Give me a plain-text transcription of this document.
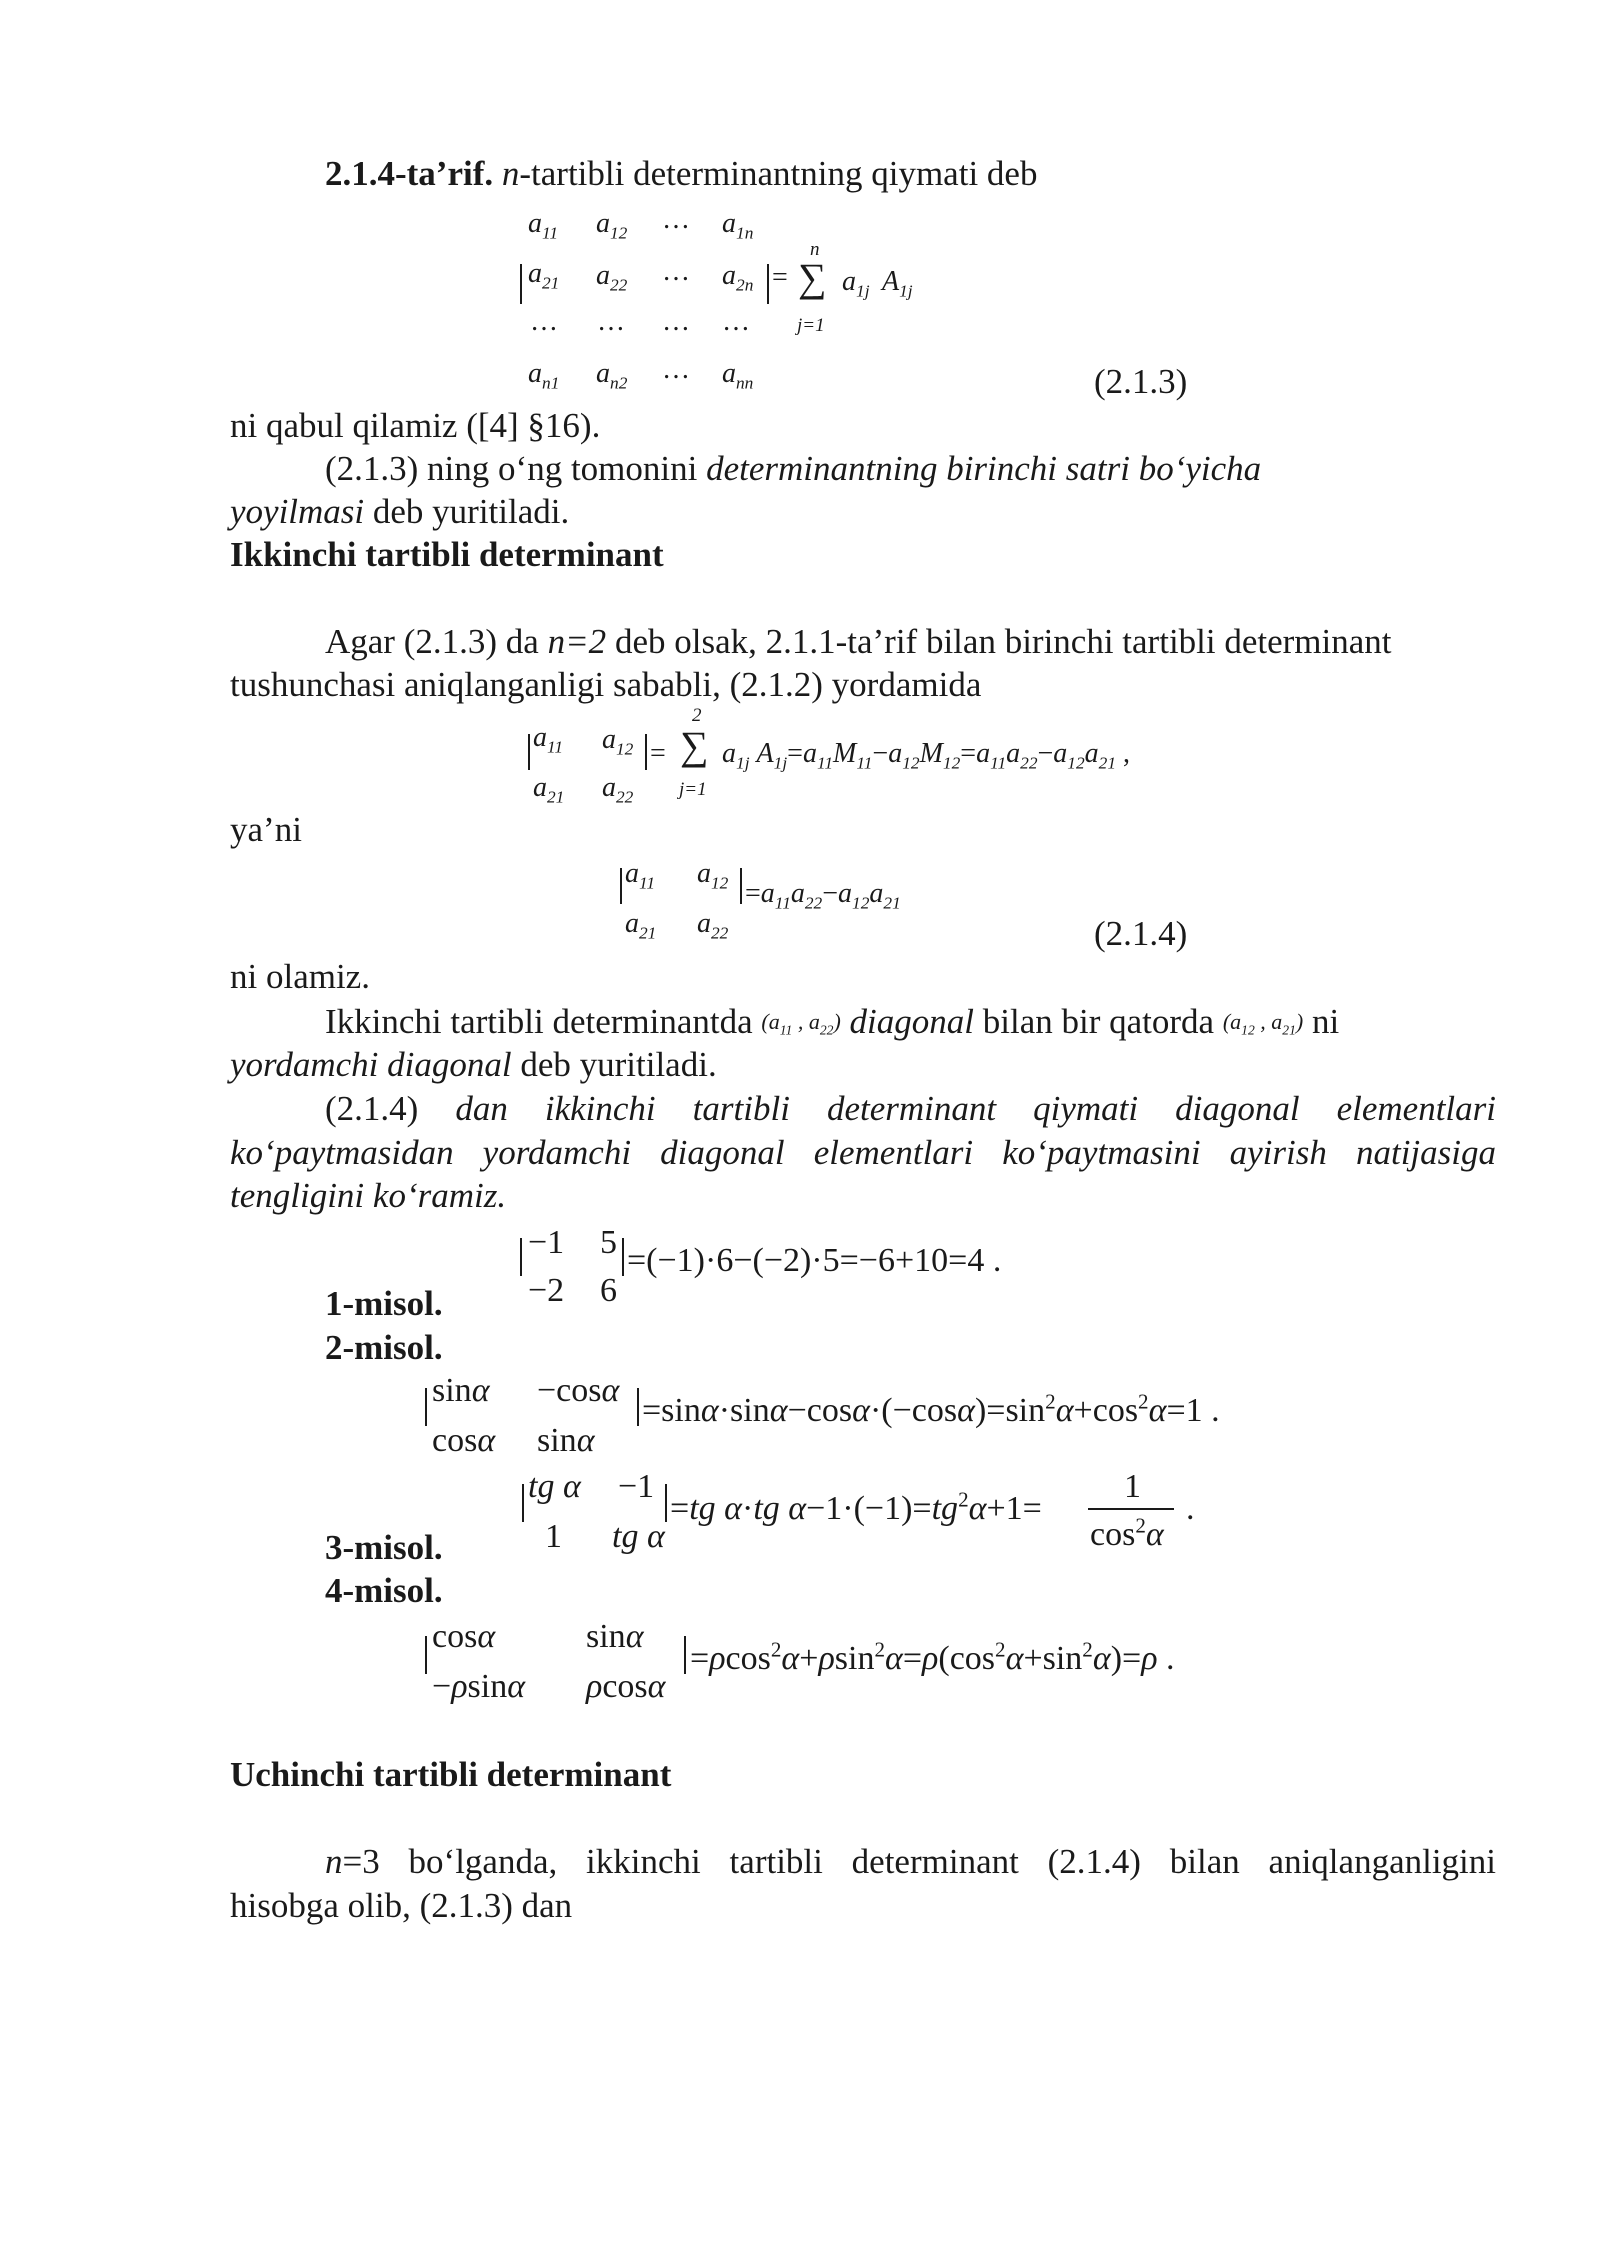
2.1.4-ta’rif. n-tartibli determinantning qiymati deb
$a_{11}$ $a_{12}$ … $a_{1n}$
$a_{21}$ $a_{22}$ … $a_{2n}$ =
n
∑
j=1
$a_{1j}$ $A_{1j}$
… … … …
$a_{n1}$ $a_{n2}$ … $a_{nn}$	(2.1.3)
ni qabul qilamiz ([4] §16).
(2.1.3) ning o‘ng tomonini determinantning birinchi satri bo‘yicha
yoyilmasi deb yuritiladi.
Ikkinchi tartibli determinant
Agar (2.1.3) da n=2 deb olsak, 2.1.1-ta’rif bilan birinchi tartibli determinant
tushunchasi aniqlanganligi sababli, (2.1.2) yordamida
$a_{11}$ $a_{12}$
$a_{21}$ $a_{22}$
=
2
∑
j=1
$a_{1j}$ $A_{1j}=a_{11}M_{11}-a_{12}M_{12}=a_{11}a_{22}-a_{12}a_{21}$ ,
ya’ni
$a_{11}$ $a_{12}$
$a_{21}$ $a_{22}$
$=a_{11}a_{22}-a_{12}a_{21}$
(2.1.4)
ni olamiz.
Ikkinchi tartibli determinantda ($a_{11}$ , $a_{22}$) diagonal bilan bir qatorda ($a_{12}$ , $a_{21}$) ni
yordamchi diagonal deb yuritiladi.
(2.1.4) dan ikkinchi tartibli determinant qiymati diagonal elementlari
ko‘paytmasidan yordamchi diagonal elementlari ko‘paytmasini ayirish natijasiga
tengligini ko‘ramiz.
1-misol.
−1 5
−2 6
=(−1)·6−(−2)·5=−6+10=4 .
2-misol.
sinα −cosα
cosα sinα
$=\sin\alpha\cdot\sin\alpha-\cos\alpha\cdot(-\cos\alpha)=\sin^2\alpha+\cos^2\alpha=1$ .
3-misol.
tg α −1
1 tg α
=tg α·tg $\alpha-1\cdot(-1)=tg^2\alpha+1=$
1
$\cos^2\alpha$
.
4-misol.
cosα	sinα
−ρsinα ρcosα
$=\rho\cos^2\alpha+\rho\sin^2\alpha=\rho(\cos^2\alpha+\sin^2\alpha)=\rho$ .
Uchinchi tartibli determinant
n=3 bo‘lganda, ikkinchi tartibli determinant (2.1.4) bilan aniqlanganligini
hisobga olib, (2.1.3) dan
